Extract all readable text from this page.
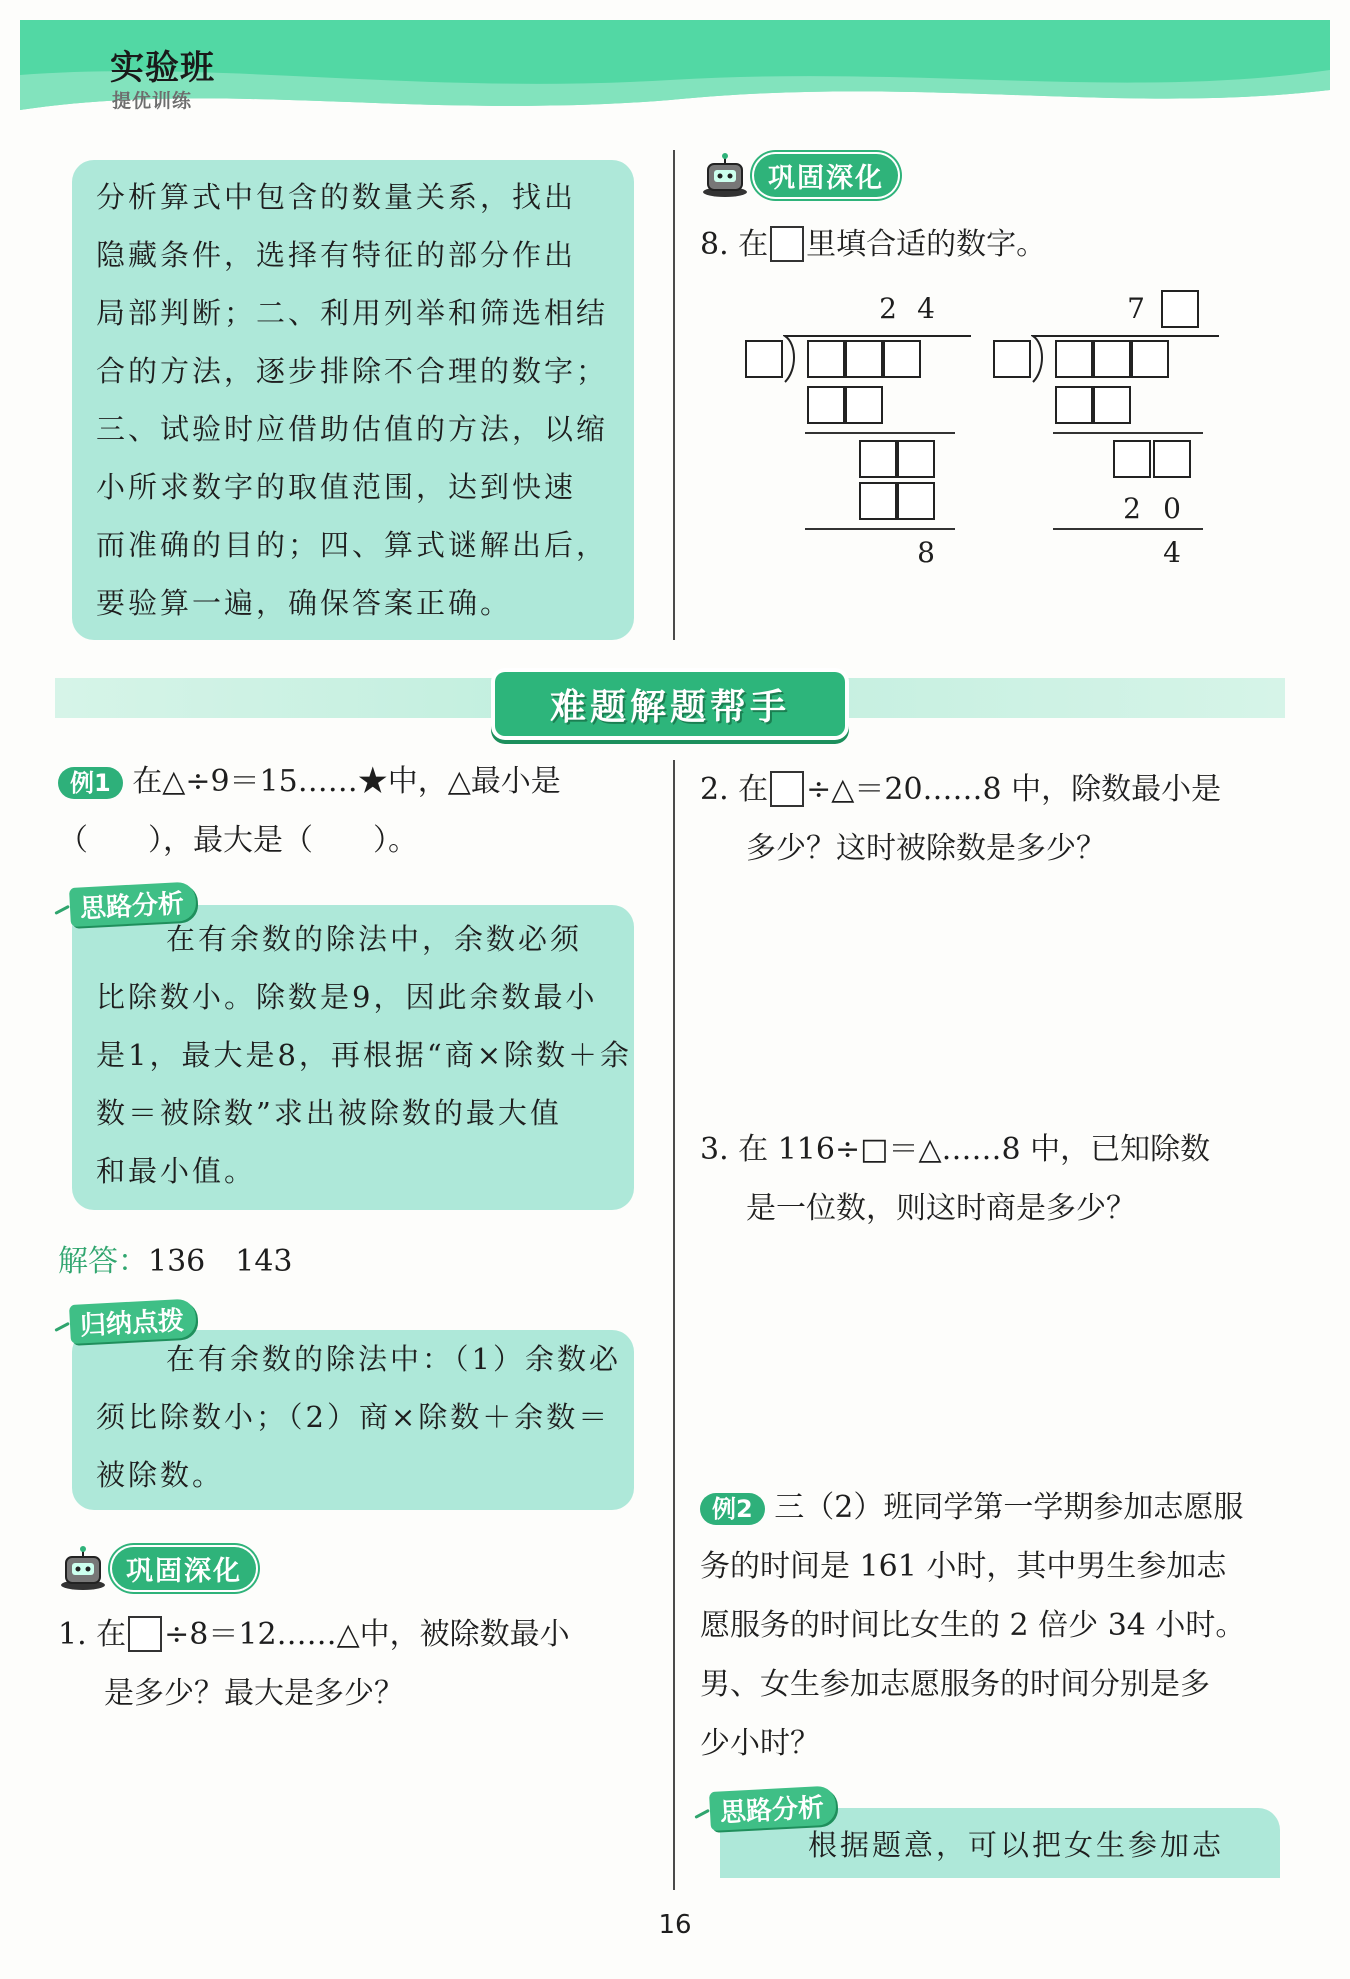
实验班
提优训练
分析算式中包含的数量关系，找出
隐藏条件，选择有特征的部分作出
局部判断；二、利用列举和筛选相结
合的方法，逐步排除不合理的数字；
三、试验时应借助估值的方法，以缩
小所求数字的取值范围，达到快速
而准确的目的；四、算式谜解出后，
要验算一遍，确保答案正确。
巩固深化
8. 在 里填合适的数字。
2 4
8
7
2 0
4
难题解题帮手
例1 在△÷9＝15……★中，△最小是
（　　），最大是（　　）。
思路分析
在有余数的除法中，余数必须
比除数小。除数是9，因此余数最小
是1，最大是8，再根据“商×除数＋余
数＝被除数”求出被除数的最大值
和最小值。
解答：136　143
归纳点拨
在有余数的除法中：（1）余数必
须比除数小；（2）商×除数＋余数＝
被除数。
巩固深化
1. 在 ÷8＝12……△中，被除数最小
是多少？最大是多少？
2. 在 ÷△＝20……8 中，除数最小是
多少？这时被除数是多少？
3. 在 116÷□＝△……8 中，已知除数
是一位数，则这时商是多少？
例2 三（2）班同学第一学期参加志愿服
务的时间是 161 小时，其中男生参加志
愿服务的时间比女生的 2 倍少 34 小时。
男、女生参加志愿服务的时间分别是多
少小时？
思路分析
根据题意，可以把女生参加志
16
